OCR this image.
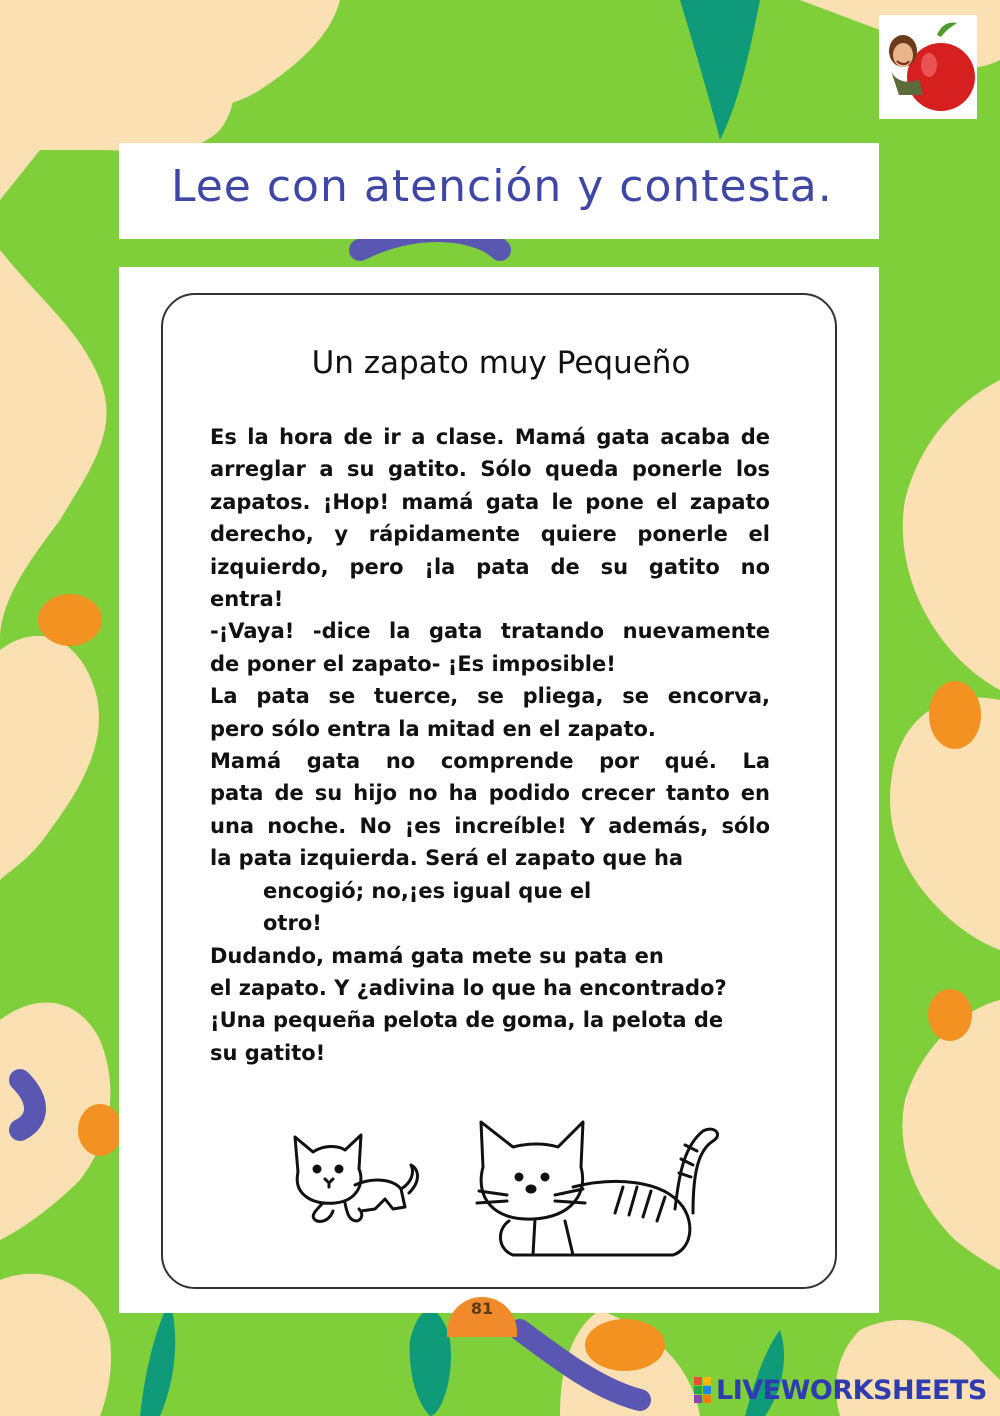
Lee con atención y contesta.
Un zapato muy Pequeño
Es la hora de ir a clase. Mamá gata acaba de
arreglar a su gatito. Sólo queda ponerle los
zapatos. ¡Hop! mamá gata le pone el zapato
derecho, y rápidamente quiere ponerle el
izquierdo, pero ¡la pata de su gatito no
entra!
-¡Vaya! -dice la gata tratando nuevamente
de poner el zapato- ¡Es imposible!
La pata se tuerce, se pliega, se encorva,
pero sólo entra la mitad en el zapato.
Mamá gata no comprende por qué. La
pata de su hijo no ha podido crecer tanto en
una noche. No ¡es increíble! Y además, sólo
la pata izquierda. Será el zapato que ha
encogió; no,¡es igual que el
otro!
Dudando, mamá gata mete su pata en
el zapato. Y ¿adivina lo que ha encontrado?
¡Una pequeña pelota de goma, la pelota de
su gatito!
81
LIVEWORKSHEETS
